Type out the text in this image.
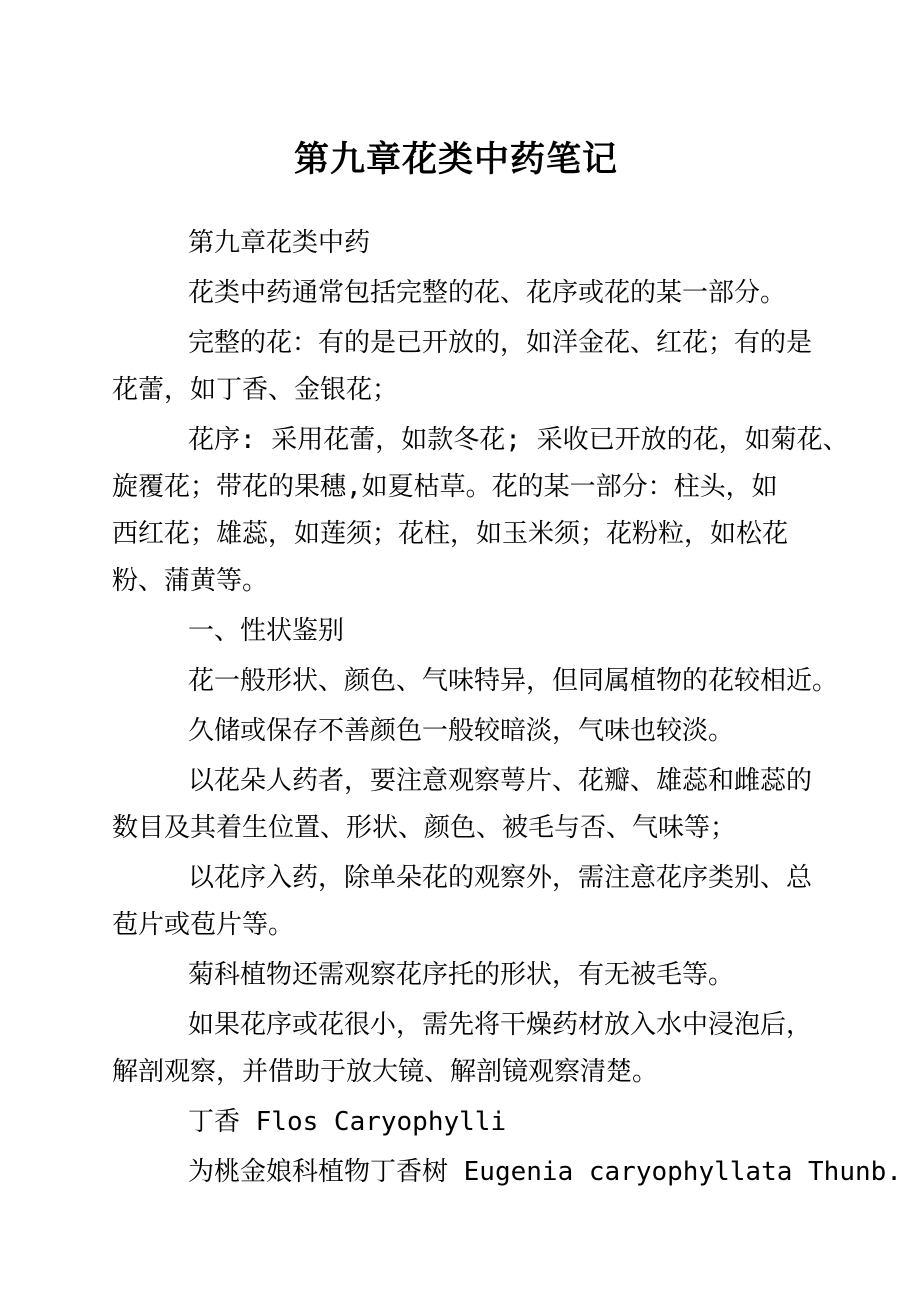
第九章花类中药笔记

第九章花类中药

花类中药通常包括完整的花、花序或花的某一部分。

完整的花：有的是已开放的，如洋金花、红花；有的是
花蕾，如丁香、金银花；

花序: 采用花蕾，如款冬花; 采收已开放的花，如菊花、
旋覆花；带花的果穗,如夏枯草。花的某一部分：柱头，如
西红花；雄蕊，如莲须；花柱，如玉米须；花粉粒，如松花
粉、蒲黄等。

一、性状鉴别

花一般形状、颜色、气味特异，但同属植物的花较相近。

久储或保存不善颜色一般较暗淡，气味也较淡。

以花朵人药者，要注意观察萼片、花瓣、雄蕊和雌蕊的
数目及其着生位置、形状、颜色、被毛与否、气味等；

以花序入药，除单朵花的观察外，需注意花序类别、总
苞片或苞片等。

菊科植物还需观察花序托的形状，有无被毛等。

如果花序或花很小，需先将干燥药材放入水中浸泡后，
解剖观察，并借助于放大镜、解剖镜观察清楚。

丁香 Flos Caryophylli

为桃金娘科植物丁香树 Eugenia caryophyllata Thunb.
